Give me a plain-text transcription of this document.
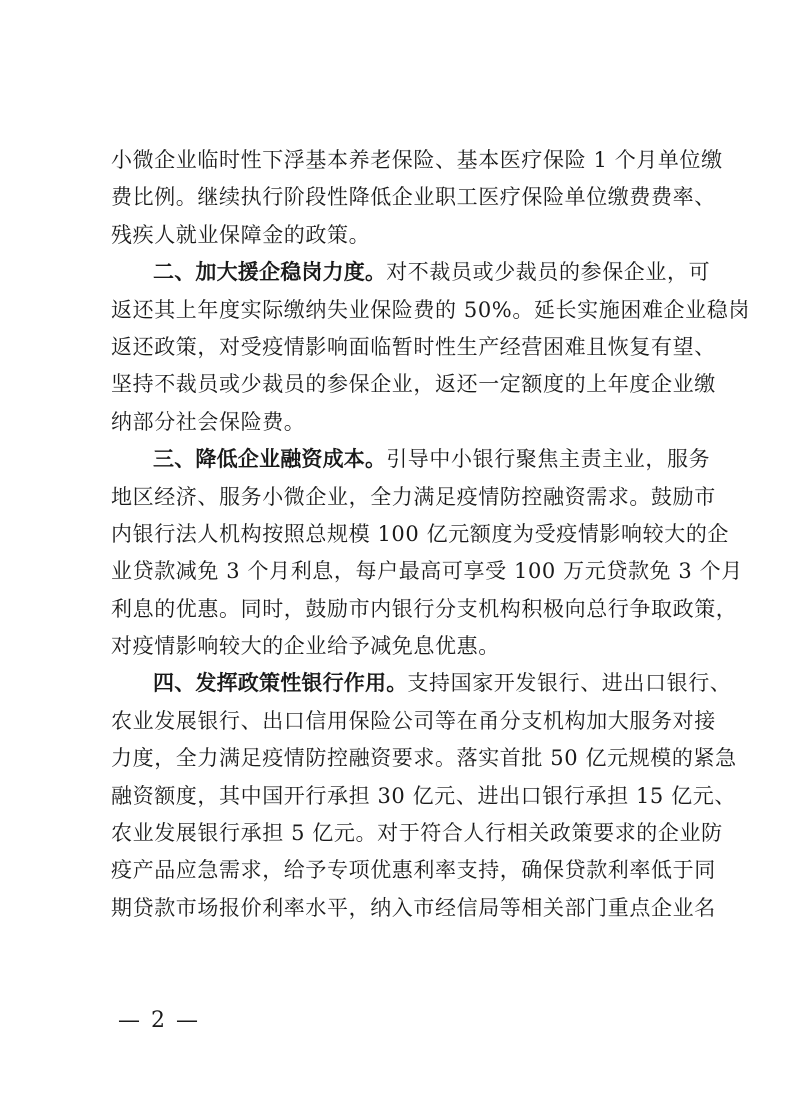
小微企业临时性下浮基本养老保险、基本医疗保险 1 个月单位缴
费比例。继续执行阶段性降低企业职工医疗保险单位缴费费率、
残疾人就业保障金的政策。
二、加大援企稳岗力度。对不裁员或少裁员的参保企业，可
返还其上年度实际缴纳失业保险费的 50%。延长实施困难企业稳岗
返还政策，对受疫情影响面临暂时性生产经营困难且恢复有望、
坚持不裁员或少裁员的参保企业，返还一定额度的上年度企业缴
纳部分社会保险费。
三、降低企业融资成本。引导中小银行聚焦主责主业，服务
地区经济、服务小微企业，全力满足疫情防控融资需求。鼓励市
内银行法人机构按照总规模 100 亿元额度为受疫情影响较大的企
业贷款减免 3 个月利息，每户最高可享受 100 万元贷款免 3 个月
利息的优惠。同时，鼓励市内银行分支机构积极向总行争取政策，
对疫情影响较大的企业给予减免息优惠。
四、发挥政策性银行作用。支持国家开发银行、进出口银行、
农业发展银行、出口信用保险公司等在甬分支机构加大服务对接
力度，全力满足疫情防控融资要求。落实首批 50 亿元规模的紧急
融资额度，其中国开行承担 30 亿元、进出口银行承担 15 亿元、
农业发展银行承担 5 亿元。对于符合人行相关政策要求的企业防
疫产品应急需求，给予专项优惠利率支持，确保贷款利率低于同
期贷款市场报价利率水平，纳入市经信局等相关部门重点企业名
— 2 —
